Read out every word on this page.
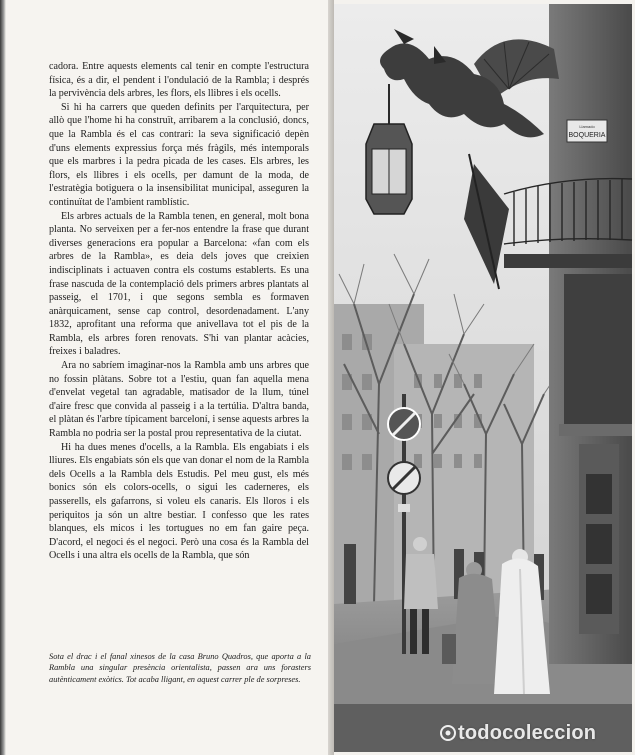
cadora. Entre aquests elements cal tenir en compte l'estructura física, és a dir, el pendent i l'ondulació de la Rambla; i després la pervivència dels arbres, les flors, els llibres i els ocells.

Si hi ha carrers que queden definits per l'arquitectura, per allò que l'home hi ha construït, arribarem a la conclusió, doncs, que la Rambla és el cas contrari: la seva significació depèn d'uns elements expressius força més fràgils, més intemporals que els marbres i la pedra picada de les cases. Els arbres, les flors, els llibres i els ocells, per damunt de la moda, de l'estratègia botiguera o la insensibilitat municipal, asseguren la continuïtat de l'ambient ramblístic.

Els arbres actuals de la Rambla tenen, en general, molt bona planta. No serveixen per a fer-nos entendre la frase que durant diverses generacions era popular a Barcelona: «fan com els arbres de la Rambla», es deia dels joves que creixien indisciplinats i actuaven contra els costums establerts. Es una frase nascuda de la contemplació dels primers arbres plantats al passeig, el 1701, i que segons sembla es formaven anàrquicament, sense cap control, desordenadament. L'any 1832, aprofitant una reforma que anivellava tot el pis de la Rambla, els arbres foren renovats. S'hi van plantar acàcies, freixes i baladres.

Ara no sabríem imaginar-nos la Rambla amb uns arbres que no fossin plàtans. Sobre tot a l'estiu, quan fan aquella mena d'envelat vegetal tan agradable, matisador de la llum, túnel d'aire fresc que convida al passeig i a la tertúlia. D'altra banda, el plàtan és l'arbre típicament barceloní, i sense aquests arbres la Rambla no podria ser la postal prou representativa de la ciutat.

Hi ha dues menes d'ocells, a la Rambla. Els engabiats i els lliures. Els engabiats són els que van donar el nom de la Rambla dels Ocells a la Rambla dels Estudis. Pel meu gust, els més bonics són els colors-ocells, o sigui les caderneres, els passerells, els gafarrons, si voleu els canaris. Els lloros i els periquitos ja són un altre bestiar. I confesso que les rates blanques, els micos i les tortugues no em fan gaire peça. D'acord, el negoci és el negoci. Però una cosa és la Rambla del Ocells i una altra els ocells de la Rambla, que són

Sota el drac i el fanal xinesos de la casa Bruno Quadros, que aporta a la Rambla una singular presència orientalista, passen ara uns forasters autènticament exòtics. Tot acaba lligant, en aquest carrer ple de sorpreses.
Llamado
BOQUERIA
todocoleccion
